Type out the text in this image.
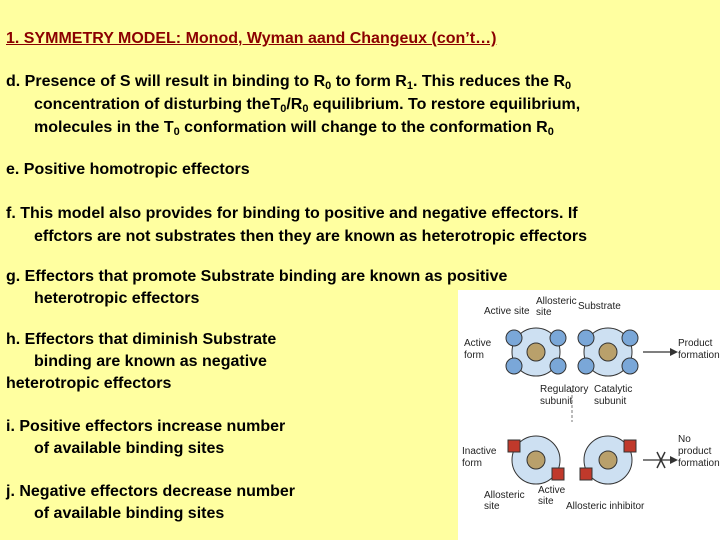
1. SYMMETRY MODEL: Monod, Wyman aand Changeux (con’t…)
d. Presence of S will result in binding to $R_0$ to form $R_1$. This reduces the $R_0$
concentration of disturbing $theT_0/R_0$ equilibrium. To restore equilibrium,
molecules in the $T_0$ conformation will change to the conformation $R_0$
e. Positive homotropic effectors
f. This model also provides for binding to positive and negative effectors. If
effctors are not substrates then they are known as heterotropic effectors
g. Effectors that promote Substrate binding are known as positive
heterotropic effectors
h. Effectors that diminish Substrate
binding are known as negative
heterotropic effectors
i. Positive effectors increase number
of available binding sites
j. Negative effectors decrease number
of available binding sites
Active site
Allosteric
site
Substrate
Active
form
Product
formation
Regulatory
subunit
Catalytic
subunit
Inactive
form
No
product
formation
Allosteric
site
Active
site Allosteric inhibitor
